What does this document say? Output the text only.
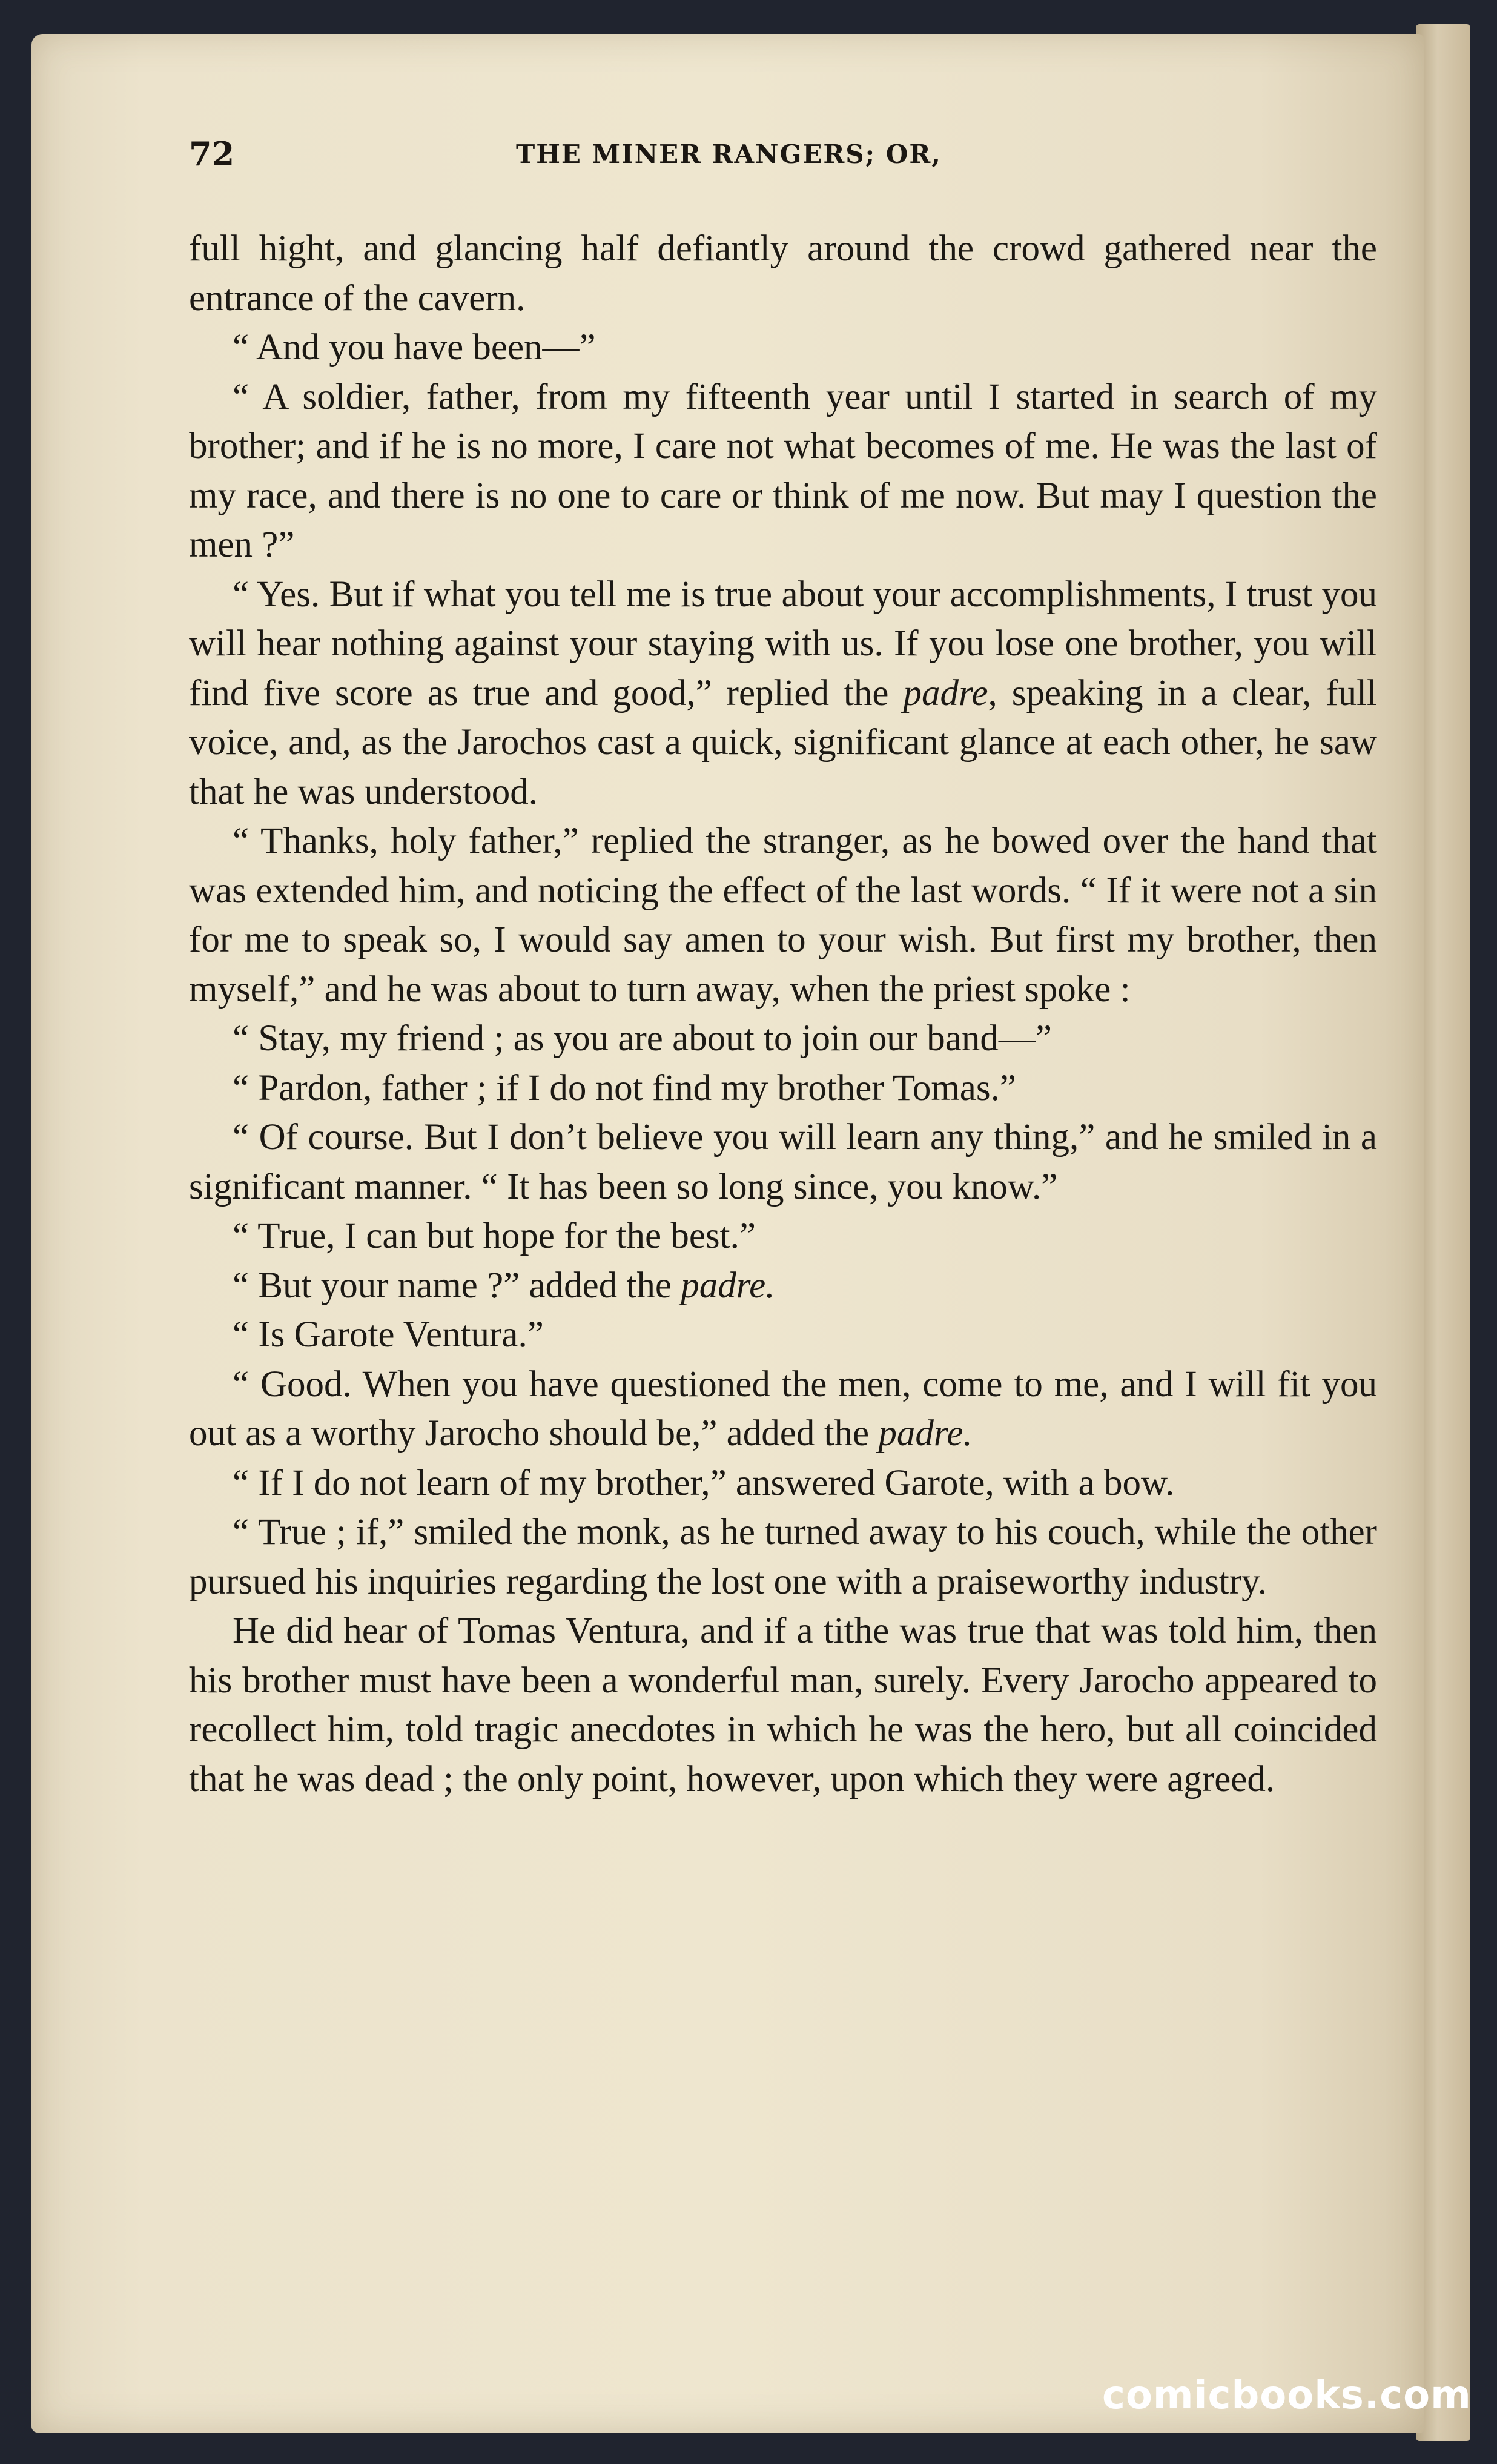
72	THE MINER RANGERS; OR,

full hight, and glancing half defiantly around the crowd gathered near the entrance of the cavern.

“ And you have been—”

“ A soldier, father, from my fifteenth year until I started in search of my brother; and if he is no more, I care not what becomes of me. He was the last of my race, and there is no one to care or think of me now. But may I question the men ?”

“ Yes. But if what you tell me is true about your accomplishments, I trust you will hear nothing against your staying with us. If you lose one brother, you will find five score as true and good,” replied the padre, speaking in a clear, full voice, and, as the Jarochos cast a quick, significant glance at each other, he saw that he was understood.

“ Thanks, holy father,” replied the stranger, as he bowed over the hand that was extended him, and noticing the effect of the last words. “ If it were not a sin for me to speak so, I would say amen to your wish. But first my brother, then myself,” and he was about to turn away, when the priest spoke :

“ Stay, my friend ; as you are about to join our band—”

“ Pardon, father ; if I do not find my brother Tomas.”

“ Of course. But I don’t believe you will learn any thing,” and he smiled in a significant manner. “ It has been so long since, you know.”

“ True, I can but hope for the best.”

“ But your name ?” added the padre.

“ Is Garote Ventura.”

“ Good. When you have questioned the men, come to me, and I will fit you out as a worthy Jarocho should be,” added the padre.

“ If I do not learn of my brother,” answered Garote, with a bow.

“ True ; if,” smiled the monk, as he turned away to his couch, while the other pursued his inquiries regarding the lost one with a praiseworthy industry.

He did hear of Tomas Ventura, and if a tithe was true that was told him, then his brother must have been a wonderful man, surely. Every Jarocho appeared to recollect him, told tragic anecdotes in which he was the hero, but all coincided that he was dead ; the only point, however, upon which they were agreed.

comicbooks.com
